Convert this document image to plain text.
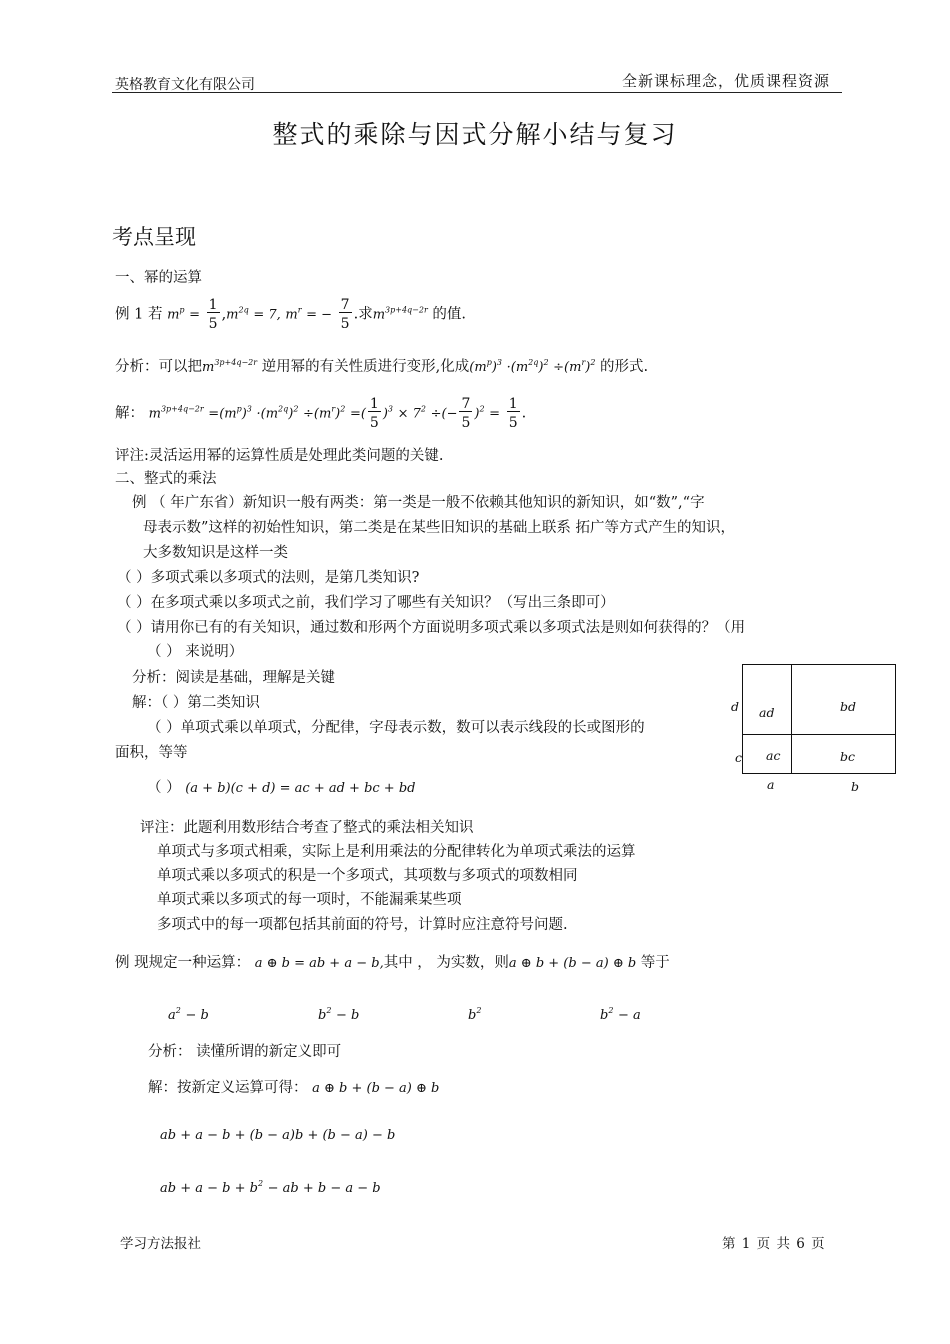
英格教育文化有限公司	全新课标理念，优质课程资源
整式的乘除与因式分解小结与复习
考点呈现
一、幂的运算
例 1 若 $m^p = \frac{1}{5} ,m^{2q} = 7$, $m^r$ = − $\frac{7}{5}$ .求$m^{3p+4q-2r}$ 的值.
分析：可以把$m^{3p+4q-2r}$ 逆用幂的有关性质进行变形,化成$(m^p)^3 \cdot(m^{2q})^2 \div(m^r)^2$ 的形式.
解： $m^{3p+4q-2r} =(m^p)^3 \cdot(m^{2q})^2 \div(m^r)^2$ =( $\frac{1}{5} )^3 \times 7^2$ ÷(− $\frac{7}{5} )^2 = \frac{1}{5}$ .
评注:灵活运用幂的运算性质是处理此类问题的关键.
二、整式的乘法
例 （ 年广东省）新知识一般有两类：第一类是一般不依赖其他知识的新知识，如“数”,“字
母表示数”这样的初始性知识，第二类是在某些旧知识的基础上联系 拓广等方式产生的知识，
大多数知识是这样一类
（ ）多项式乘以多项式的法则，是第几类知识?
（ ）在多项式乘以多项式之前，我们学习了哪些有关知识？（写出三条即可）
（ ）请用你已有的有关知识，通过数和形两个方面说明多项式乘以多项式法是则如何获得的？（用
（ ） 来说明）
分析：阅读是基础，理解是关键
解：（ ）第二类知识
（ ）单项式乘以单项式，分配律，字母表示数，数可以表示线段的长或图形的
面积，等等
（ ） (a + b)(c + d) = ac + ad + bc + bd
ad	bd
ac	bc
d
c
a	b
评注：此题利用数形结合考查了整式的乘法相关知识
单项式与多项式相乘，实际上是利用乘法的分配律转化为单项式乘法的运算
单项式乘以多项式的积是一个多项式，其项数与多项式的项数相同
单项式乘以多项式的每一项时，不能漏乘某些项
多项式中的每一项都包括其前面的符号，计算时应注意符号问题.
例 现规定一种运算： a ⊕ b = ab + a − b,其中 ， 为实数，则a ⊕ b + (b − a) ⊕ b 等于
$a^2 - b$	$b^2 - b$	$b^2$	$b^2 - a$
分析： 读懂所谓的新定义即可
解：按新定义运算可得： a ⊕ b + (b − a) ⊕ b
ab + a − b + (b − a)b + (b − a) − b
ab + $a - b + b^2$ − ab + b − a − b
学习方法报社	第 1 页 共 6 页
